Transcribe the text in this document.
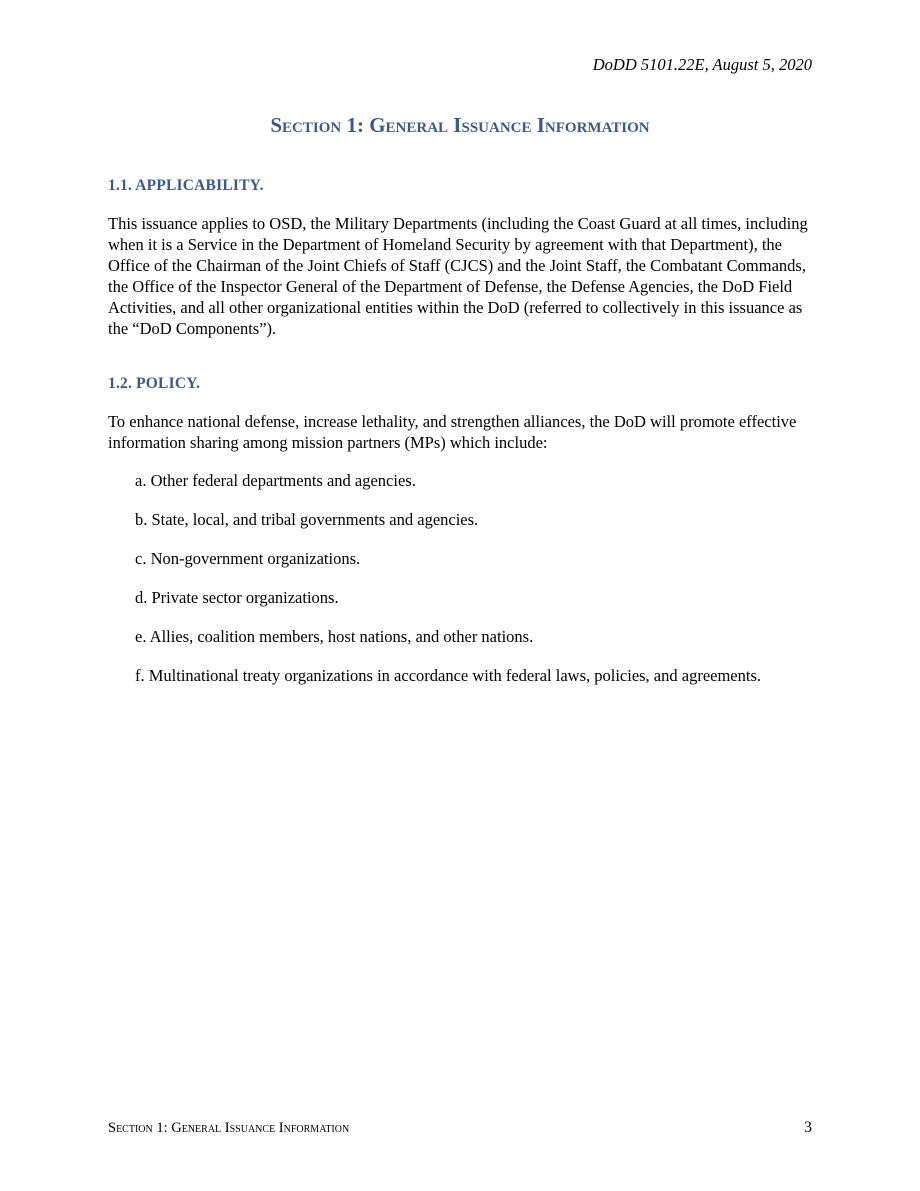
DoDD 5101.22E, August 5, 2020
Section 1: General Issuance Information
1.1. APPLICABILITY.
This issuance applies to OSD, the Military Departments (including the Coast Guard at all times, including when it is a Service in the Department of Homeland Security by agreement with that Department), the Office of the Chairman of the Joint Chiefs of Staff (CJCS) and the Joint Staff, the Combatant Commands, the Office of the Inspector General of the Department of Defense, the Defense Agencies, the DoD Field Activities, and all other organizational entities within the DoD (referred to collectively in this issuance as the “DoD Components”).
1.2. POLICY.
To enhance national defense, increase lethality, and strengthen alliances, the DoD will promote effective information sharing among mission partners (MPs) which include:
a. Other federal departments and agencies.
b. State, local, and tribal governments and agencies.
c. Non-government organizations.
d. Private sector organizations.
e. Allies, coalition members, host nations, and other nations.
f. Multinational treaty organizations in accordance with federal laws, policies, and agreements.
Section 1: General Issuance Information	3
